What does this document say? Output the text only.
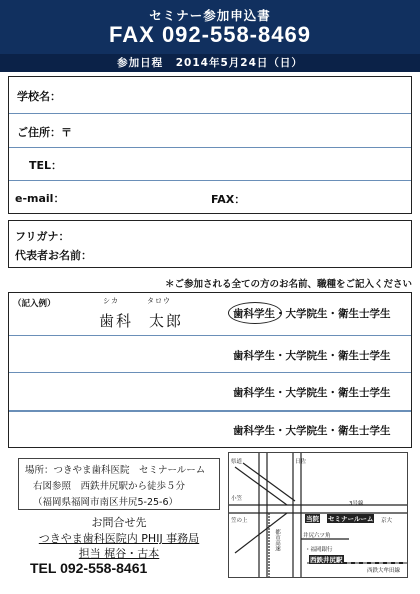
セミナー参加申込書
FAX 092-558-8469
参加日程 2014年5月24日（日）
学校名：
ご住所：〒
TEL：
e-mail：	FAX：
フリガナ：
代表者お名前：
＊ご参加される全ての方のお名前、職種をご記入ください
（記入例）	シカ	タロウ
歯科 太郎	歯科学生・大学院生・衛生士学生
歯科学生・大学院生・衛生士学生
歯科学生・大学院生・衛生士学生
歯科学生・大学院生・衛生士学生
場所：つきやま歯科医院　セミナールーム
右図参照　西鉄井尻駅から徒歩５分
（福岡県福岡市南区井尻5-25-6）
お問合せ先
つきやま歯科医院内 PHIJ 事務局
担当 梶谷・古本
TEL 092-558-8461
県道	日佐
小笠
笠の上
3号線
当院 セミナールーム 京大
井尻六ツ角
・福岡銀行
都市高速
西鉄井尻駅
西鉄大牟田線
